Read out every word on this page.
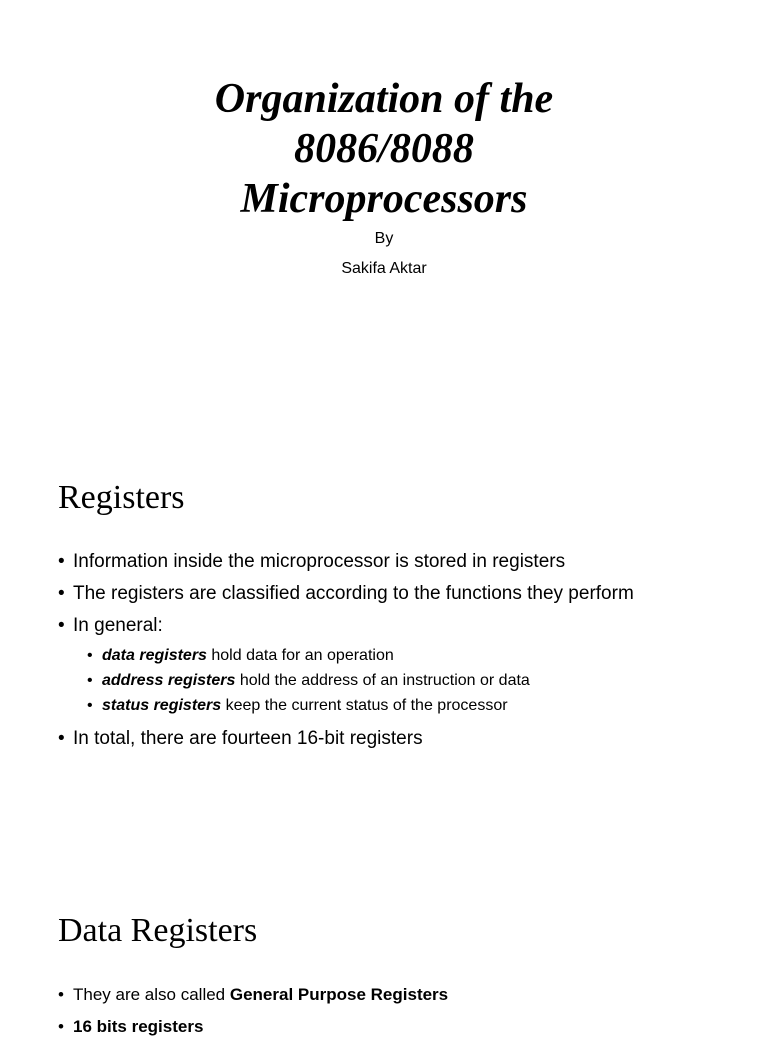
Organization of the
8086/8088
Microprocessors
By
Sakifa Aktar
Registers
• Information inside the microprocessor is stored in registers
• The registers are classified according to the functions they perform
• In general:
• data registers hold data for an operation
• address registers hold the address of an instruction or data
• status registers keep the current status of the processor
• In total, there are fourteen 16-bit registers
Data Registers
• They are also called General Purpose Registers
• 16 bits registers
